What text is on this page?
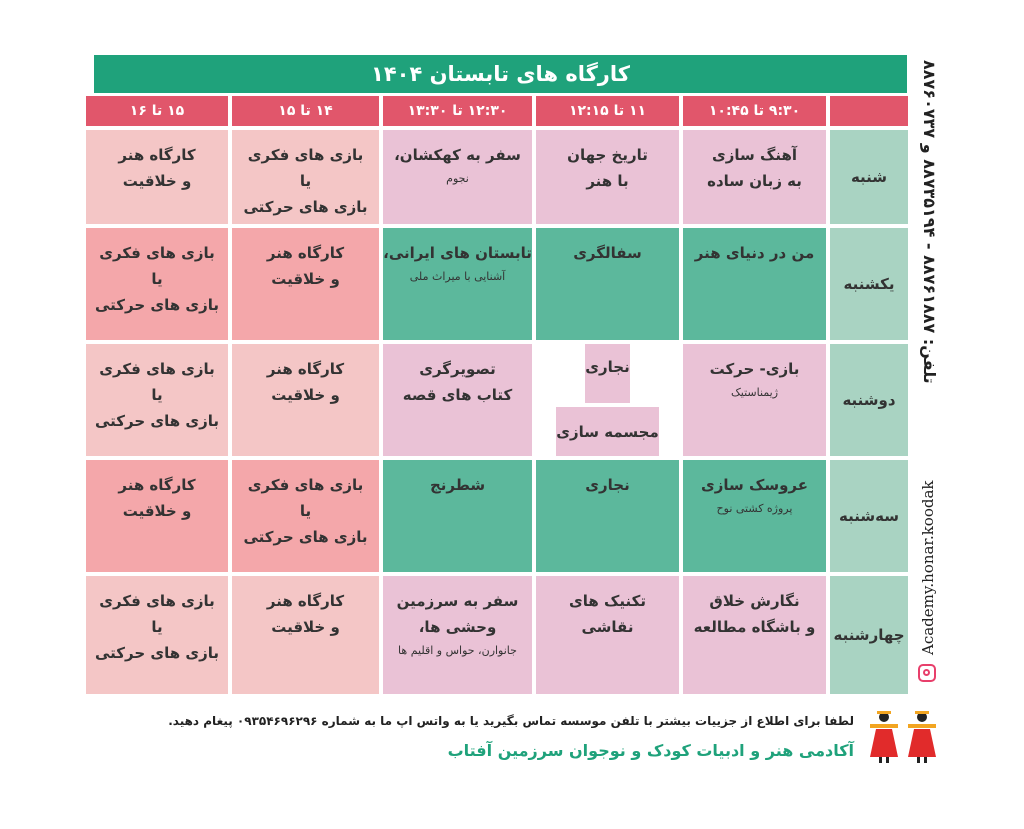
کارگاه های تابستان ۱۴۰۴
۹:۳۰ تا ۱۰:۴۵
۱۱ تا ۱۲:۱۵
۱۲:۳۰ تا ۱۳:۳۰
۱۴ تا ۱۵
۱۵ تا ۱۶
شنبه
آهنگ سازی
به زبان ساده
تاریخ جهان
با هنر
سفر به کهکشان،
نجوم
بازی های فکری
یا
بازی های حرکتی
کارگاه هنر
و خلاقیت
یکشنبه
من در دنیای هنر
سفالگری
تابستان های ایرانی،
آشنایی با میراث ملی
کارگاه هنر
و خلاقیت
بازی های فکری
یا
بازی های حرکتی
دوشنبه
بازی- حرکت
ژیمناستیک
نجاری
مجسمه سازی
تصویرگری
کتاب های قصه
کارگاه هنر
و خلاقیت
بازی های فکری
یا
بازی های حرکتی
سه‌شنبه
عروسک سازی
پروژه کشتی نوح
نجاری
شطرنج
بازی های فکری
یا
بازی های حرکتی
کارگاه هنر
و خلاقیت
چهارشنبه
نگارش خلاق
و باشگاه مطالعه
تکنیک های
نقاشی
سفر به سرزمین
وحشی ها،
جانوارن، حواس و اقلیم ها
کارگاه هنر
و خلاقیت
بازی های فکری
یا
بازی های حرکتی
تلفن: ۸۸۷۶۱۸۸۷ - ۸۸۷۳۵۱۹۴ و ۸۸۷۶۰۷۳۷
Academy.honar.koodak
لطفا برای اطلاع از جزییات بیشتر با تلفن موسسه تماس بگیرید یا به واتس اپ ما به شماره ۰۹۳۵۴۶۹۶۲۹۶ پیغام دهید.
آکادمی هنر و ادبیات کودک و نوجوان سرزمین آفتاب
